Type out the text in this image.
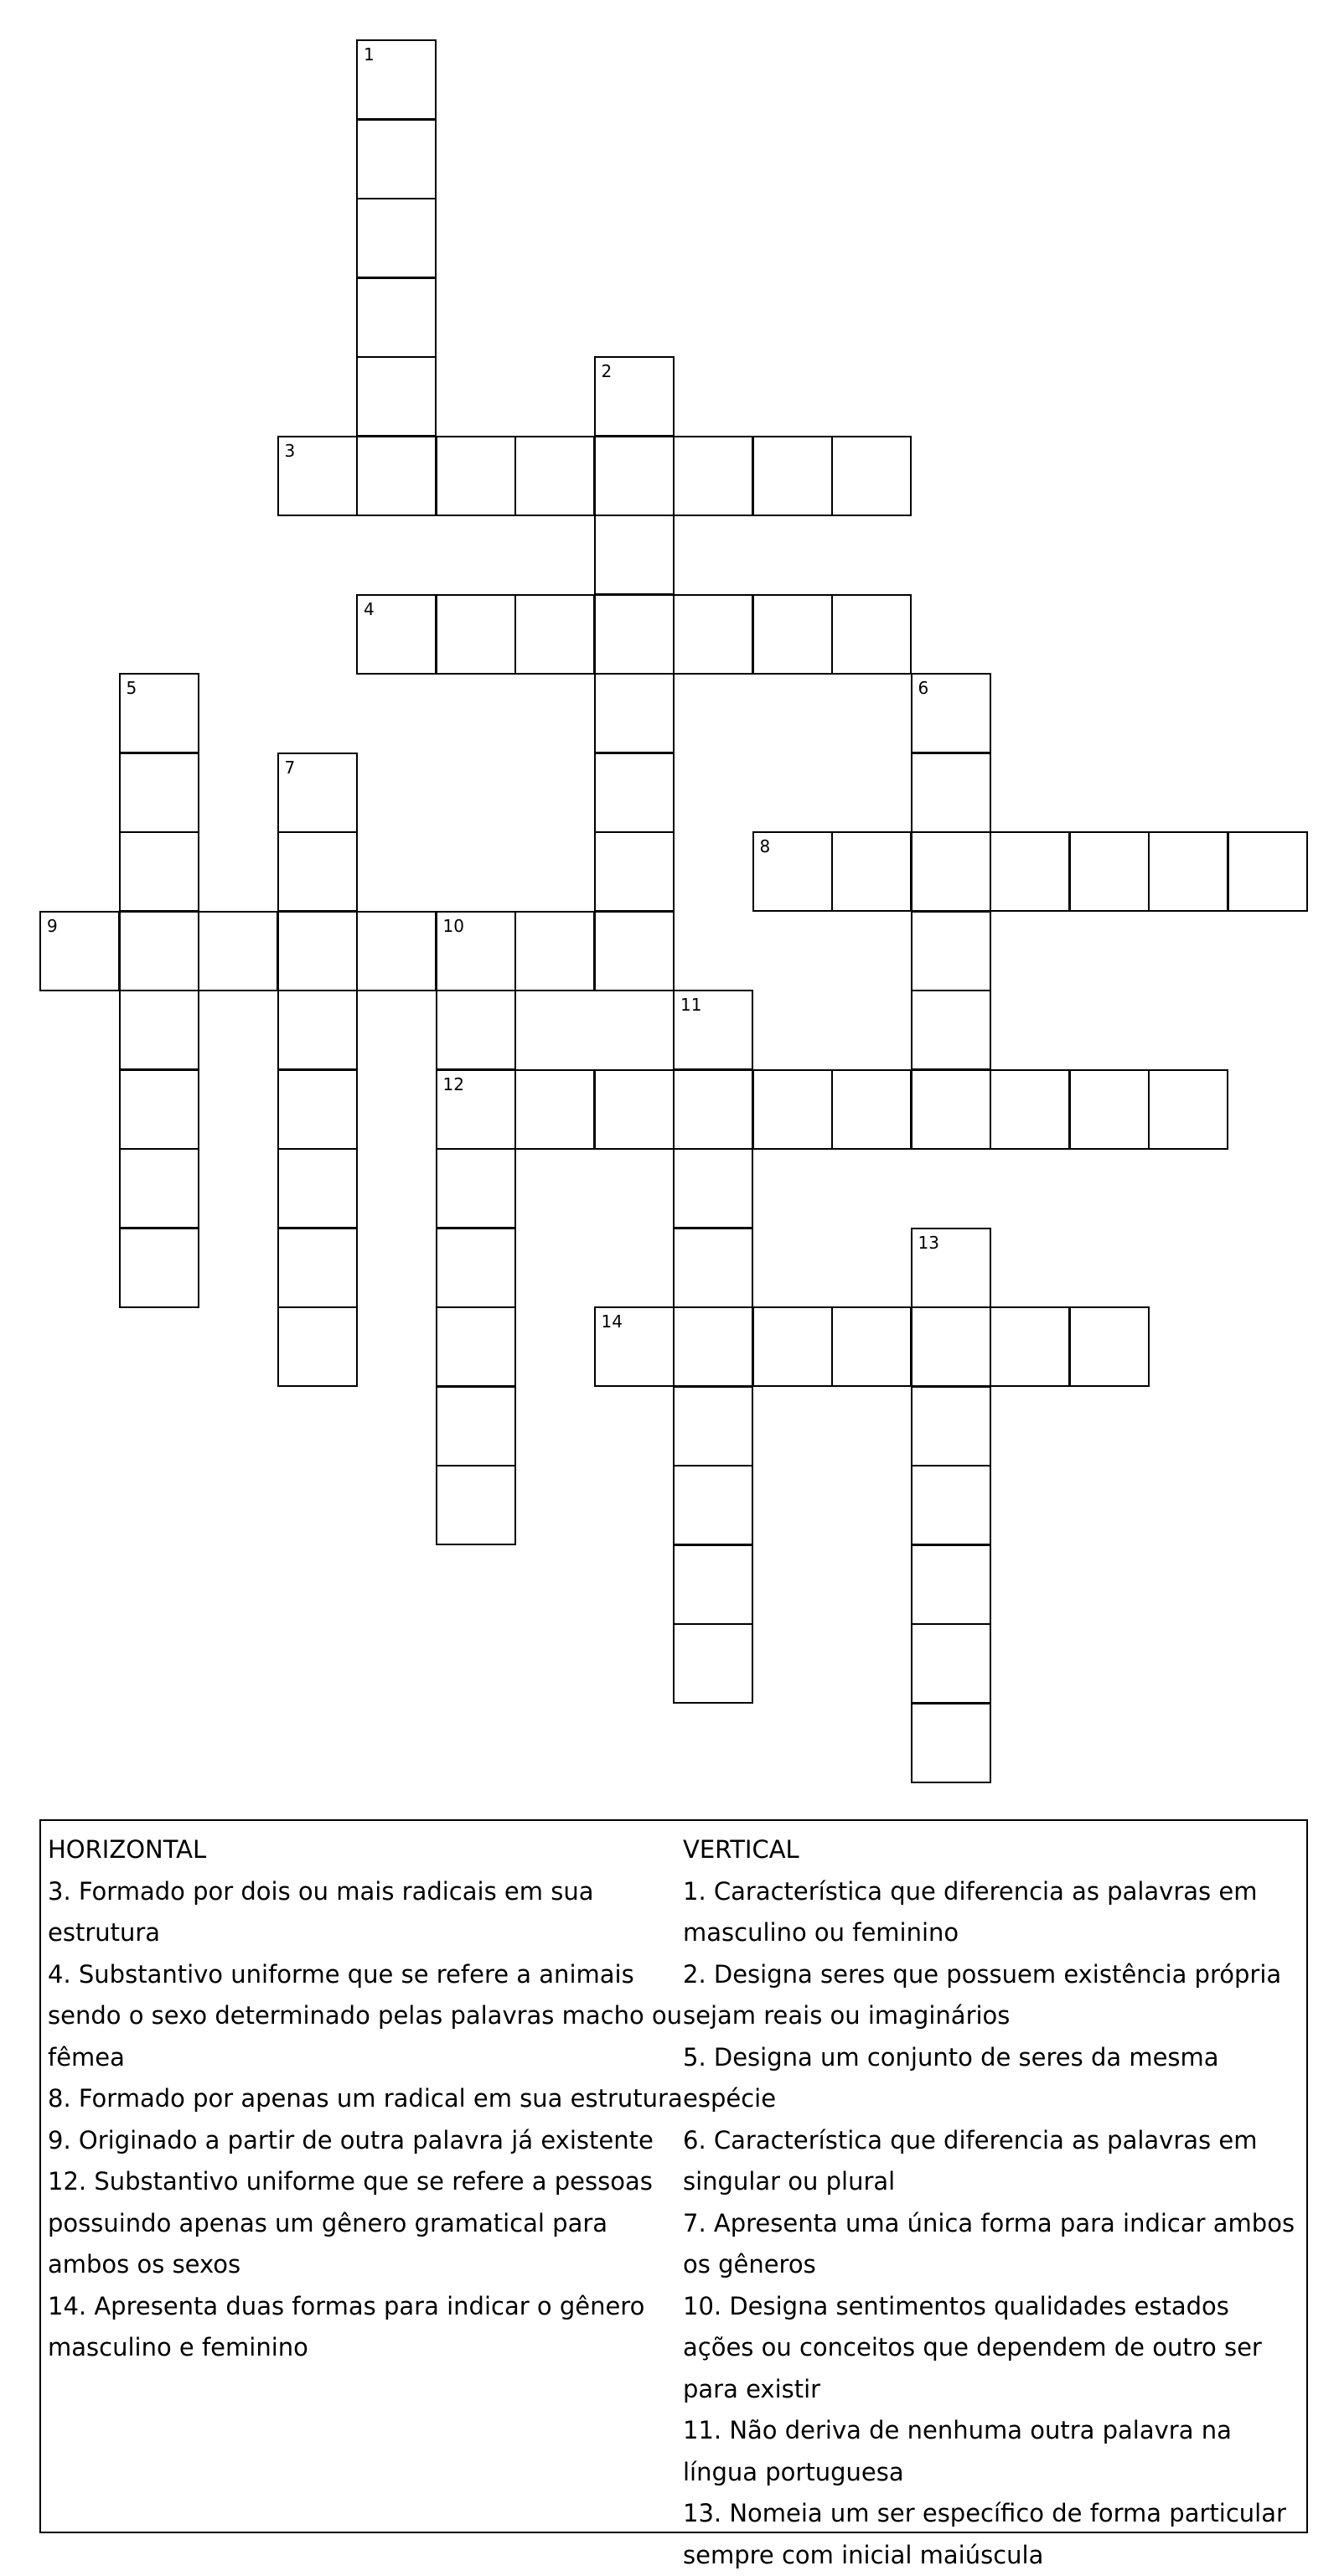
1
2
3
4
5	6
7
8
9	10
12
11
13
14
HORIZONTAL

3. Formado por dois ou mais radicais em sua estrutura

4. Substantivo uniforme que se refere a animais sendo o sexo determinado pelas palavras macho ou fêmea

8. Formado por apenas um radical em sua estrutura

9. Originado a partir de outra palavra já existente

12. Substantivo uniforme que se refere a pessoas possuindo apenas um gênero gramatical para ambos os sexos

14. Apresenta duas formas para indicar o gênero masculino e feminino

VERTICAL

1. Característica que diferencia as palavras em masculino ou feminino

2. Designa seres que possuem existência própria sejam reais ou imaginários

5. Designa um conjunto de seres da mesma espécie

6. Característica que diferencia as palavras em singular ou plural

7. Apresenta uma única forma para indicar ambos os gêneros

10. Designa sentimentos qualidades estados ações ou conceitos que dependem de outro ser para existir

11. Não deriva de nenhuma outra palavra na língua portuguesa

13. Nomeia um ser específico de forma particular sempre com inicial maiúscula
